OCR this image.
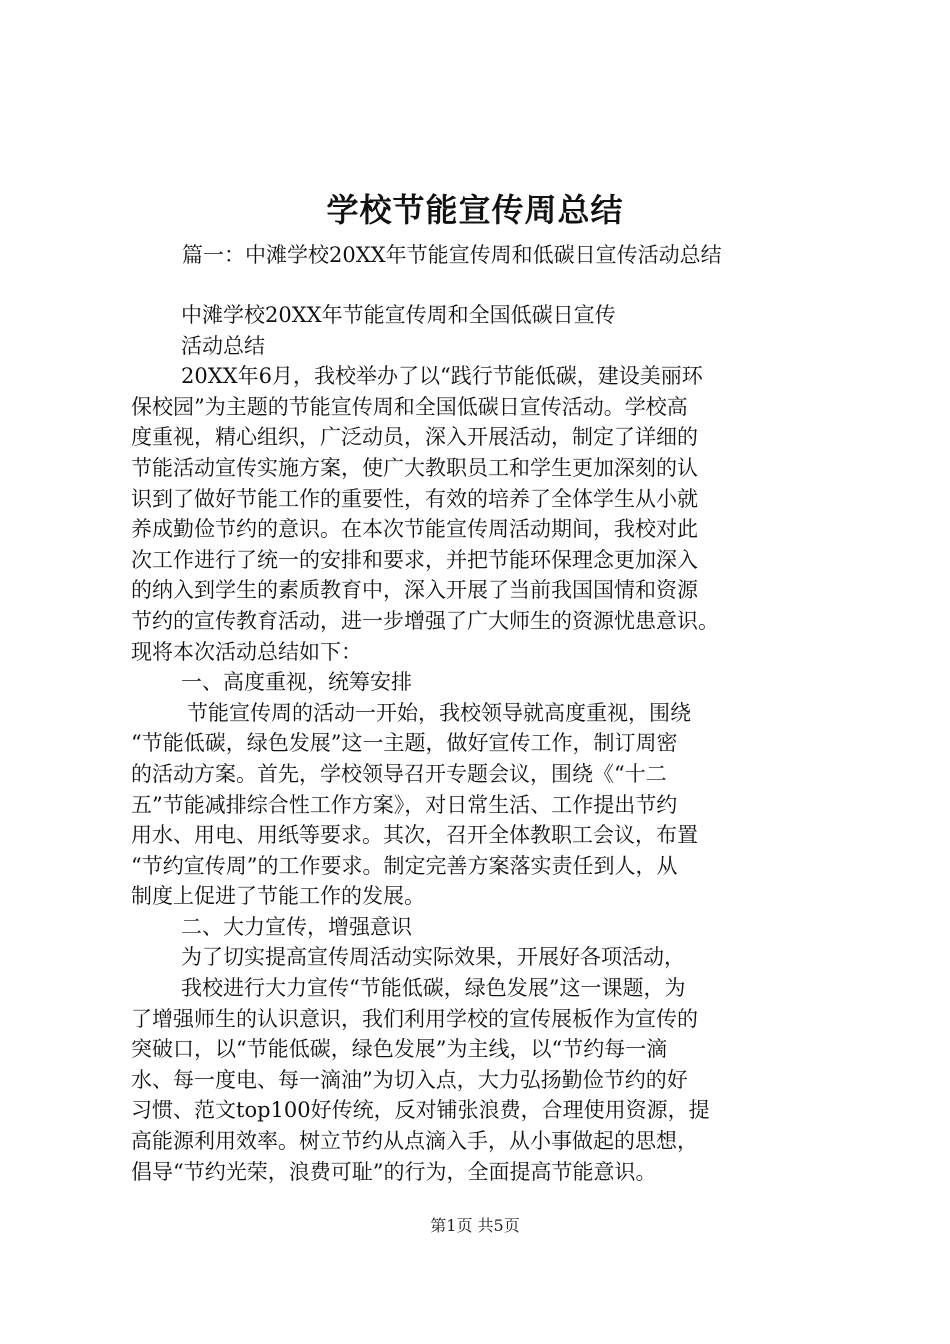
学校节能宣传周总结
篇一：中滩学校20XX年节能宣传周和低碳日宣传活动总结

中滩学校20XX年节能宣传周和全国低碳日宣传

活动总结

20XX年6月，我校举办了以“践行节能低碳，建设美丽环

保校园”为主题的节能宣传周和全国低碳日宣传活动。学校高

度重视，精心组织，广泛动员，深入开展活动，制定了详细的

节能活动宣传实施方案，使广大教职员工和学生更加深刻的认

识到了做好节能工作的重要性，有效的培养了全体学生从小就

养成勤俭节约的意识。在本次节能宣传周活动期间，我校对此

次工作进行了统一的安排和要求，并把节能环保理念更加深入

的纳入到学生的素质教育中，深入开展了当前我国国情和资源

节约的宣传教育活动，进一步增强了广大师生的资源忧患意识。

现将本次活动总结如下：

一、高度重视，统筹安排

节能宣传周的活动一开始，我校领导就高度重视，围绕

“节能低碳，绿色发展”这一主题，做好宣传工作，制订周密

的活动方案。首先，学校领导召开专题会议，围绕《“十二

五”节能减排综合性工作方案》，对日常生活、工作提出节约

用水、用电、用纸等要求。其次，召开全体教职工会议，布置

“节约宣传周”的工作要求。制定完善方案落实责任到人，从

制度上促进了节能工作的发展。

二、大力宣传，增强意识

为了切实提高宣传周活动实际效果，开展好各项活动，

我校进行大力宣传“节能低碳，绿色发展”这一课题，为

了增强师生的认识意识，我们利用学校的宣传展板作为宣传的

突破口，以“节能低碳，绿色发展”为主线，以“节约每一滴

水、每一度电、每一滴油”为切入点，大力弘扬勤俭节约的好

习惯、范文top100好传统，反对铺张浪费，合理使用资源，提

高能源利用效率。树立节约从点滴入手，从小事做起的思想，

倡导“节约光荣，浪费可耻”的行为，全面提高节能意识。

第1页 共5页
